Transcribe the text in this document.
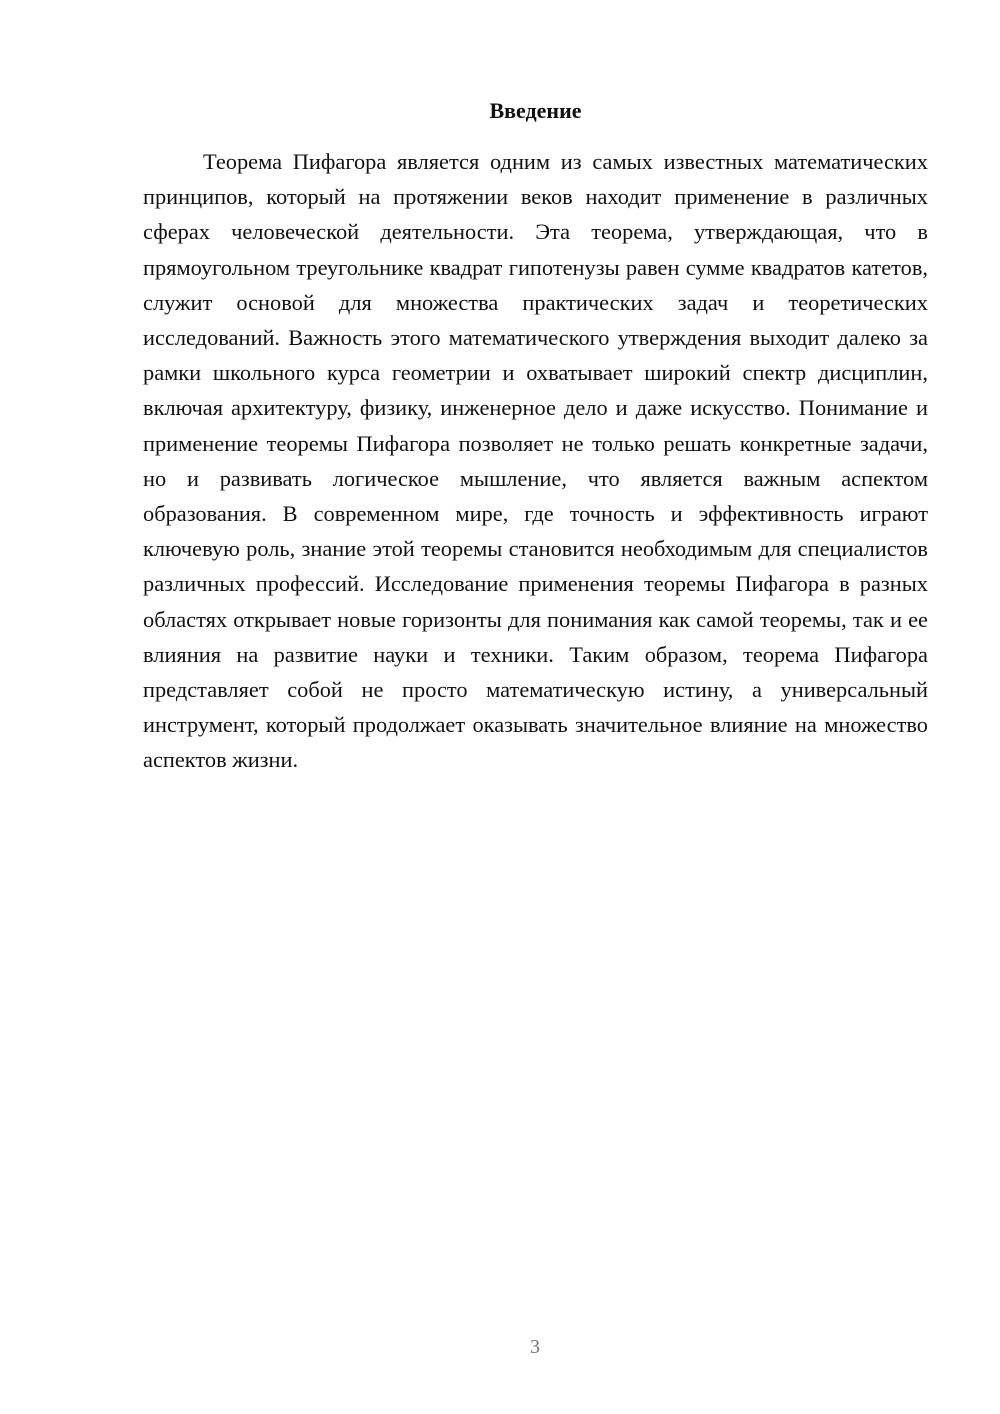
Введение

Теорема Пифагора является одним из самых известных математических принципов, который на протяжении веков находит применение в различных сферах человеческой деятельности. Эта теорема, утверждающая, что в прямоугольном треугольнике квадрат гипотенузы равен сумме квадратов катетов, служит основой для множества практических задач и теоретических исследований. Важность этого математического утверждения выходит далеко за рамки школьного курса геометрии и охватывает широкий спектр дисциплин, включая архитектуру, физику, инженерное дело и даже искусство. Понимание и применение теоремы Пифагора позволяет не только решать конкретные задачи, но и развивать логическое мышление, что является важным аспектом образования. В современном мире, где точность и эффективность играют ключевую роль, знание этой теоремы становится необходимым для специалистов различных профессий. Исследование применения теоремы Пифагора в разных областях открывает новые горизонты для понимания как самой теоремы, так и ее влияния на развитие науки и техники. Таким образом, теорема Пифагора представляет собой не просто математическую истину, а универсальный инструмент, который продолжает оказывать значительное влияние на множество аспектов жизни.

3
